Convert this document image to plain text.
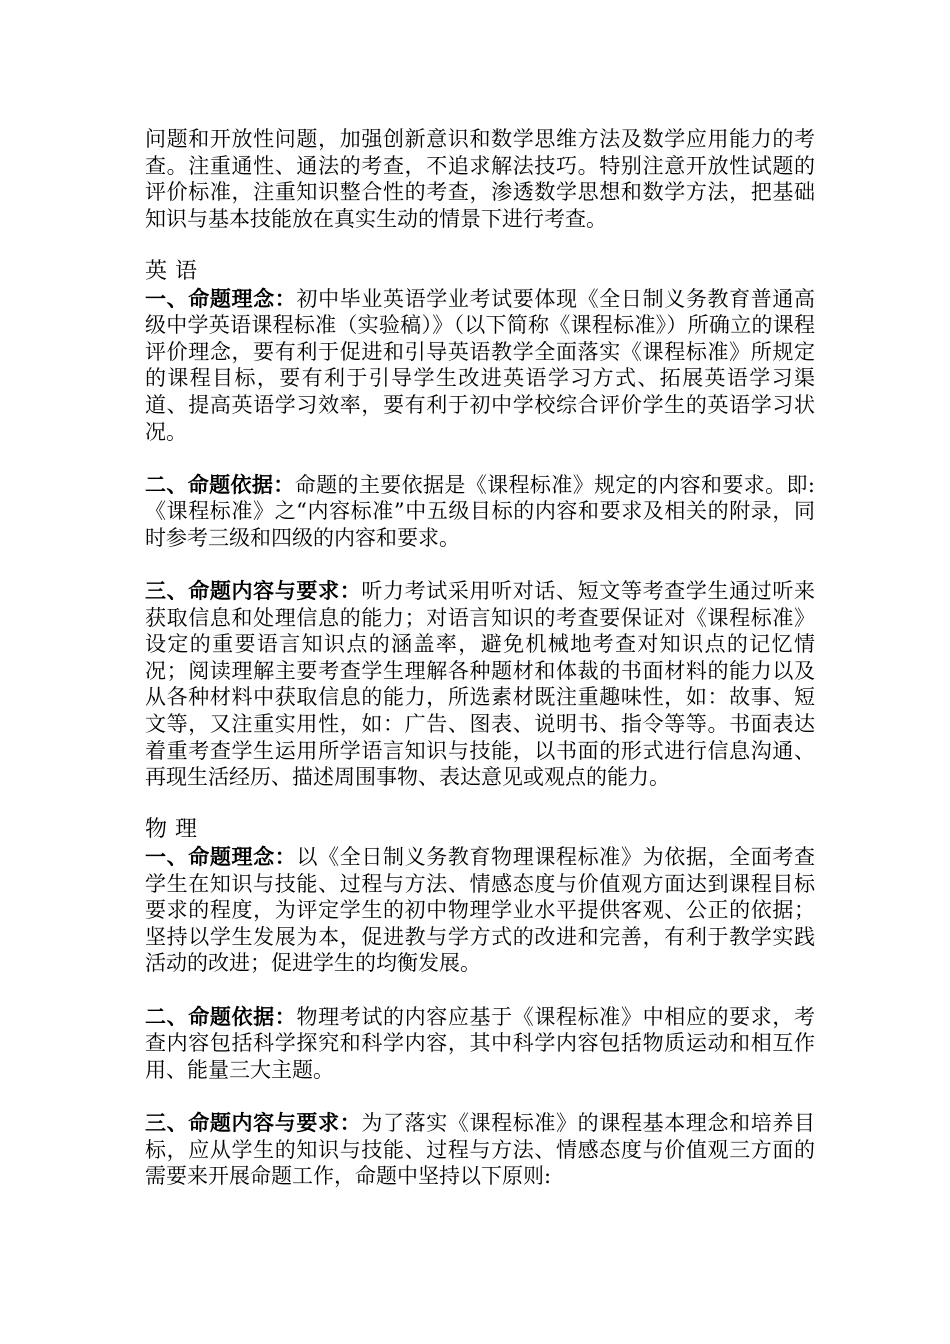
问题和开放性问题，加强创新意识和数学思维方法及数学应用能力的考查。注重通性、通法的考查，不追求解法技巧。特别注意开放性试题的评价标准，注重知识整合性的考查，渗透数学思想和数学方法，把基础知识与基本技能放在真实生动的情景下进行考查。

英语

一、命题理念：初中毕业英语学业考试要体现《全日制义务教育普通高级中学英语课程标准（实验稿）》（以下简称《课程标准》）所确立的课程评价理念，要有利于促进和引导英语教学全面落实《课程标准》所规定的课程目标，要有利于引导学生改进英语学习方式、拓展英语学习渠道、提高英语学习效率，要有利于初中学校综合评价学生的英语学习状况。

二、命题依据：命题的主要依据是《课程标准》规定的内容和要求。即:《课程标准》之“内容标准”中五级目标的内容和要求及相关的附录，同时参考三级和四级的内容和要求。

三、命题内容与要求：听力考试采用听对话、短文等考查学生通过听来获取信息和处理信息的能力；对语言知识的考查要保证对《课程标准》设定的重要语言知识点的涵盖率，避免机械地考查对知识点的记忆情况；阅读理解主要考查学生理解各种题材和体裁的书面材料的能力以及从各种材料中获取信息的能力，所选素材既注重趣味性，如：故事、短文等，又注重实用性，如：广告、图表、说明书、指令等等。书面表达着重考查学生运用所学语言知识与技能，以书面的形式进行信息沟通、再现生活经历、描述周围事物、表达意见或观点的能力。

物理

一、命题理念：以《全日制义务教育物理课程标准》为依据，全面考查学生在知识与技能、过程与方法、情感态度与价值观方面达到课程目标要求的程度，为评定学生的初中物理学业水平提供客观、公正的依据；坚持以学生发展为本，促进教与学方式的改进和完善，有利于教学实践活动的改进；促进学生的均衡发展。

二、命题依据：物理考试的内容应基于《课程标准》中相应的要求，考查内容包括科学探究和科学内容，其中科学内容包括物质运动和相互作用、能量三大主题。

三、命题内容与要求：为了落实《课程标准》的课程基本理念和培养目标，应从学生的知识与技能、过程与方法、情感态度与价值观三方面的需要来开展命题工作，命题中坚持以下原则:
